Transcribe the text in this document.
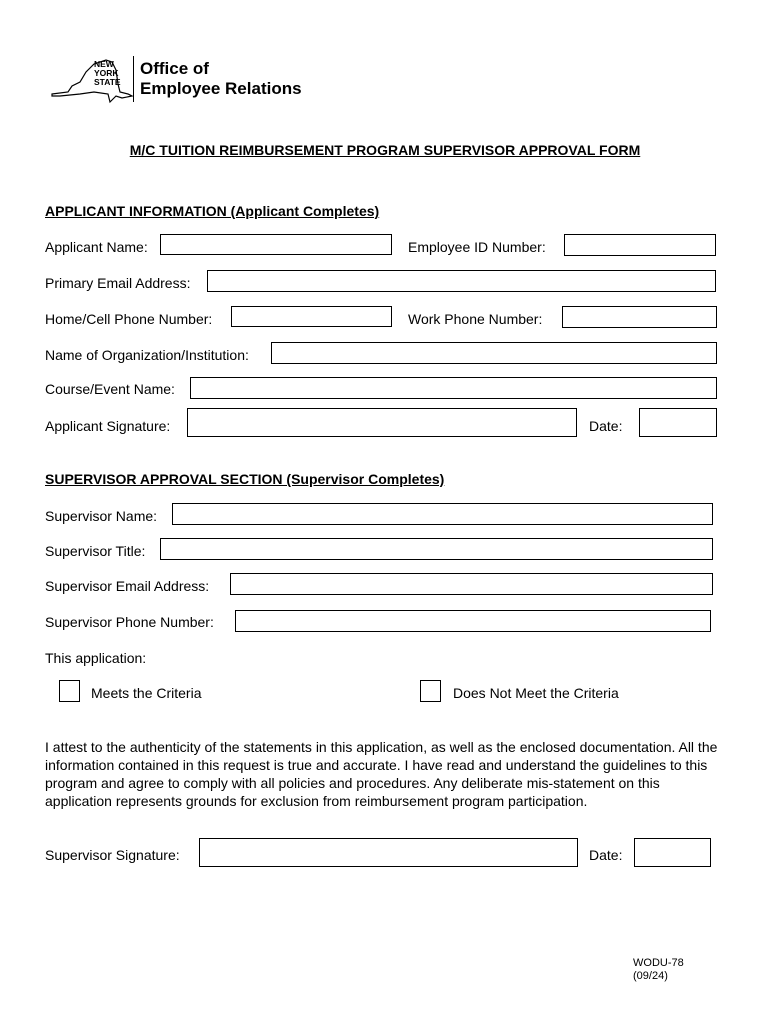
NEW
YORK
STATE
Office of
Employee Relations
M/C TUITION REIMBURSEMENT PROGRAM SUPERVISOR APPROVAL FORM
APPLICANT INFORMATION (Applicant Completes)
Applicant Name:	Employee ID Number:
Primary Email Address:
Home/Cell Phone Number:	Work Phone Number:
Name of Organization/Institution:
Course/Event Name:
Applicant Signature:	Date:
SUPERVISOR APPROVAL SECTION (Supervisor Completes)
Supervisor Name:
Supervisor Title:
Supervisor Email Address:
Supervisor Phone Number:
This application:
Meets the Criteria	Does Not Meet the Criteria
I attest to the authenticity of the statements in this application, as well as the enclosed documentation. All the information contained in this request is true and accurate. I have read and understand the guidelines to this program and agree to comply with all policies and procedures. Any deliberate mis-statement on this application represents grounds for exclusion from reimbursement program participation.
Supervisor Signature:	Date:
WODU-78
(09/24)
